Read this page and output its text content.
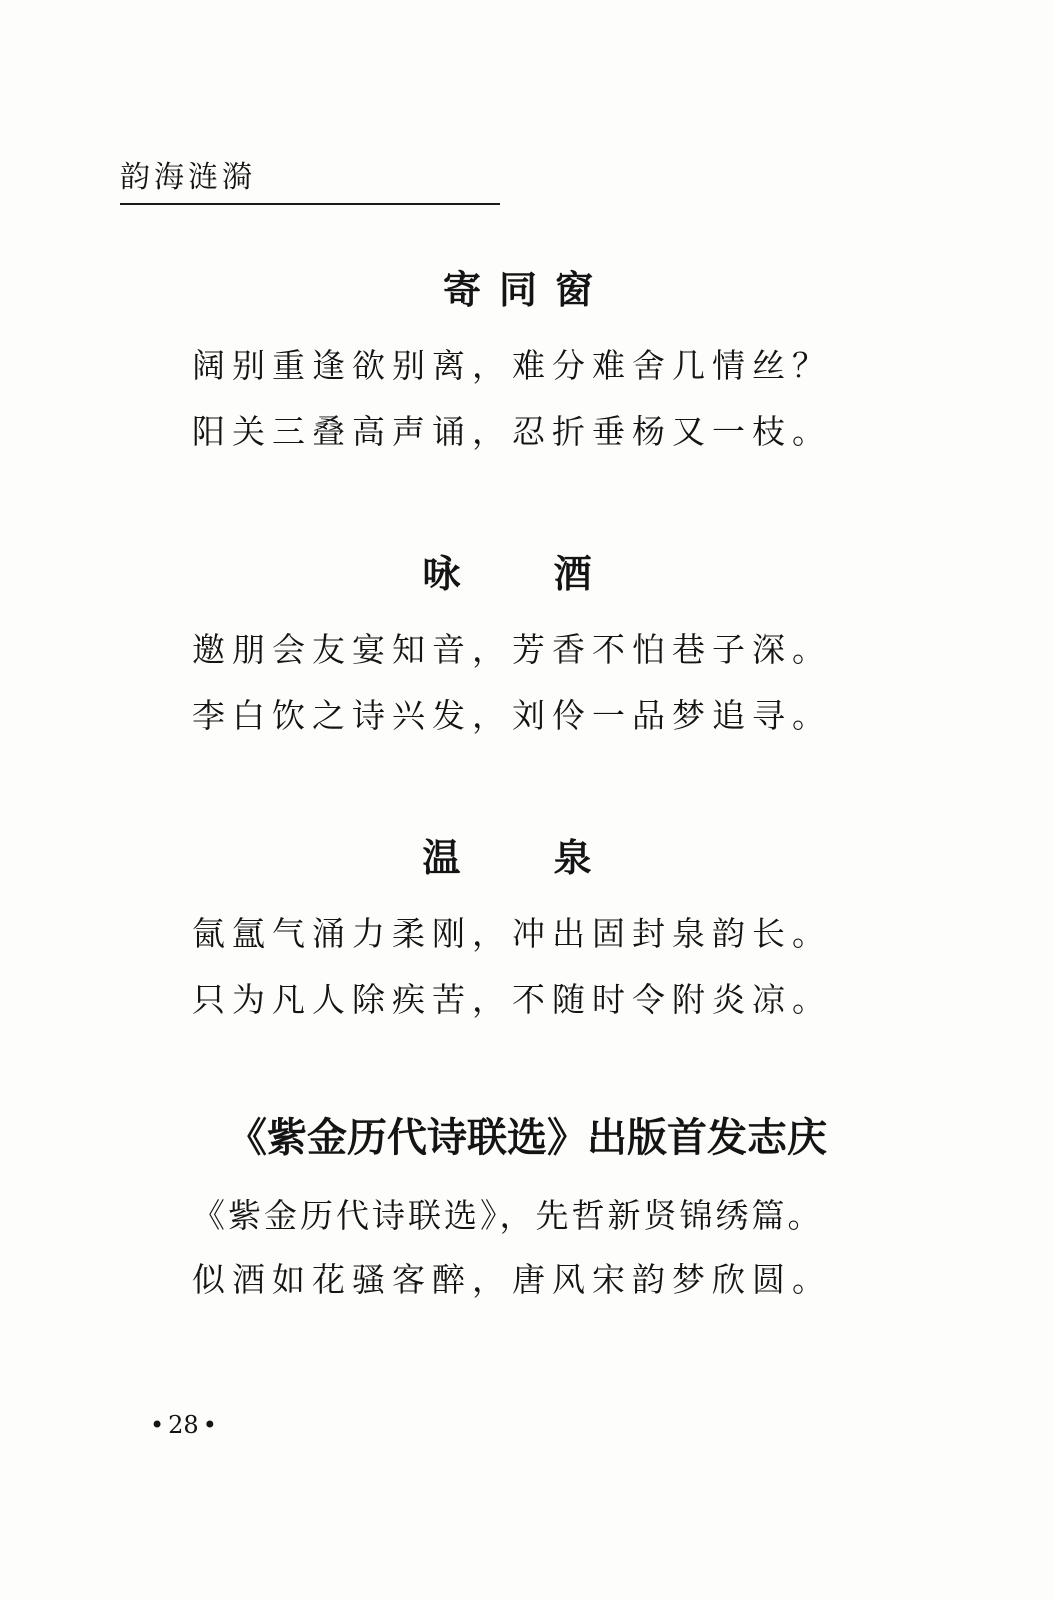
韵海涟漪
寄同窗
阔别重逢欲别离，难分难舍几情丝？
阳关三叠高声诵，忍折垂杨又一枝。
咏 酒
邀朋会友宴知音，芳香不怕巷子深。
李白饮之诗兴发，刘伶一品梦追寻。
温 泉
氤氲气涌力柔刚，冲出固封泉韵长。
只为凡人除疾苦，不随时令附炎凉。
《紫金历代诗联选》出版首发志庆
《紫金历代诗联选》，先哲新贤锦绣篇。
似酒如花骚客醉，唐风宋韵梦欣圆。
• 28 •
